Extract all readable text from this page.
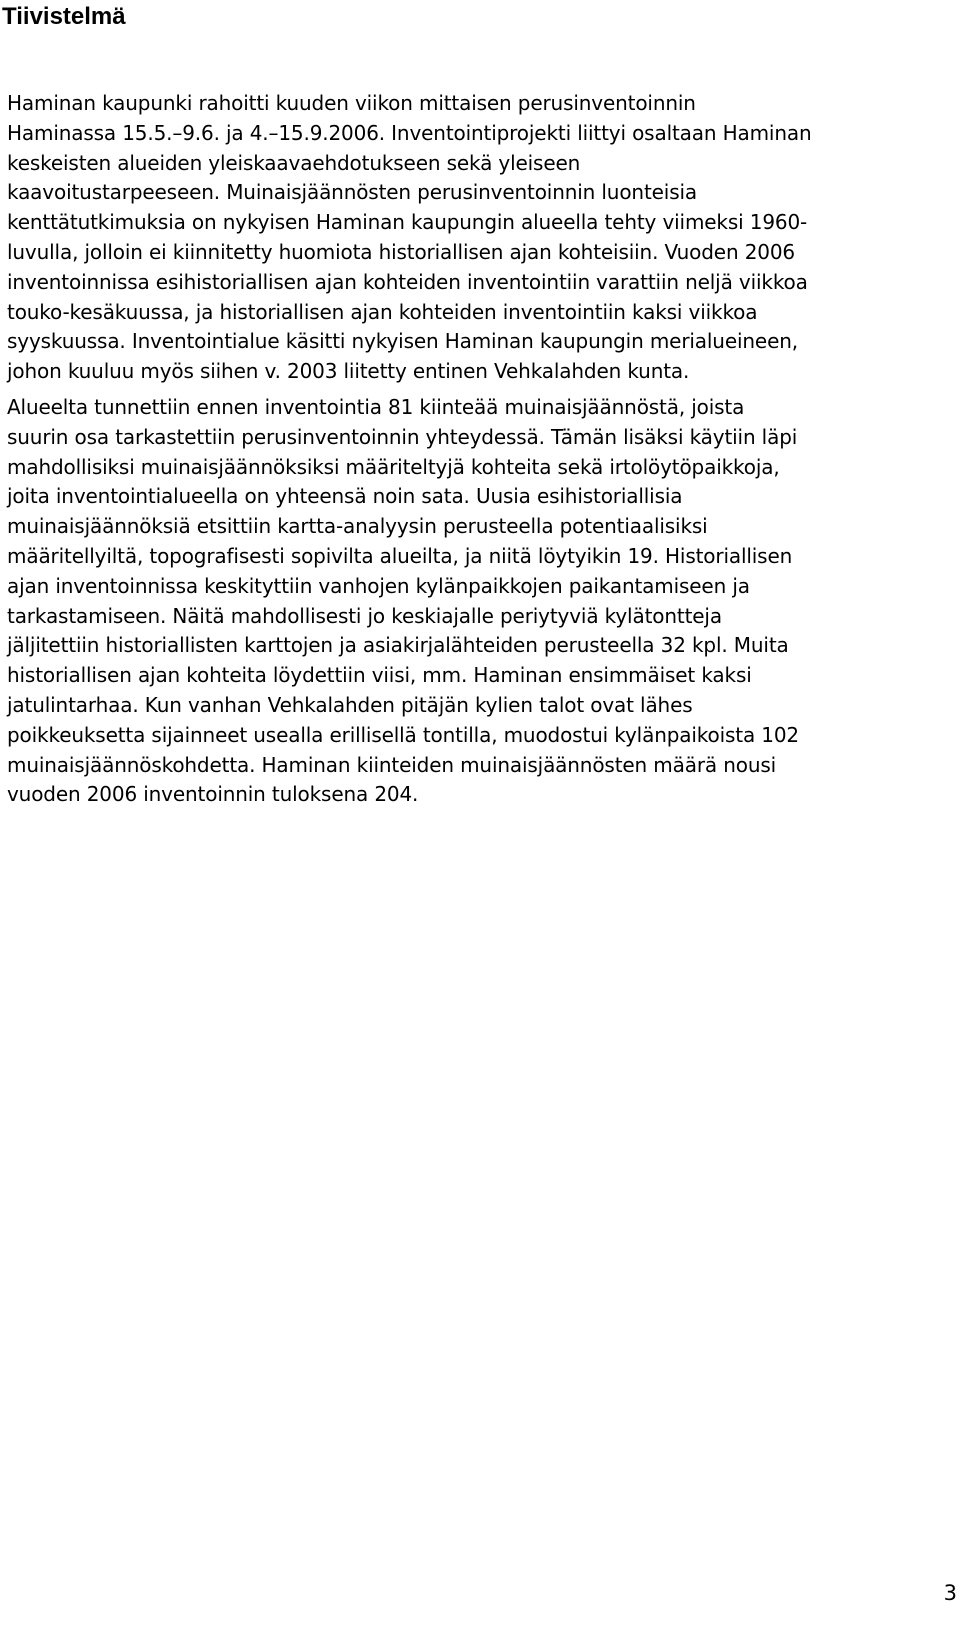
Tiivistelmä

Haminan kaupunki rahoitti kuuden viikon mittaisen perusinventoinnin
Haminassa 15.5.–9.6. ja 4.–15.9.2006. Inventointiprojekti liittyi osaltaan Haminan
keskeisten alueiden yleiskaavaehdotukseen sekä yleiseen
kaavoitustarpeeseen. Muinaisjäännösten perusinventoinnin luonteisia
kenttätutkimuksia on nykyisen Haminan kaupungin alueella tehty viimeksi 1960-
luvulla, jolloin ei kiinnitetty huomiota historiallisen ajan kohteisiin. Vuoden 2006
inventoinnissa esihistoriallisen ajan kohteiden inventointiin varattiin neljä viikkoa
touko-kesäkuussa, ja historiallisen ajan kohteiden inventointiin kaksi viikkoa
syyskuussa. Inventointialue käsitti nykyisen Haminan kaupungin merialueineen,
johon kuuluu myös siihen v. 2003 liitetty entinen Vehkalahden kunta.

Alueelta tunnettiin ennen inventointia 81 kiinteää muinaisjäännöstä, joista
suurin osa tarkastettiin perusinventoinnin yhteydessä. Tämän lisäksi käytiin läpi
mahdollisiksi muinaisjäännöksiksi määriteltyjä kohteita sekä irtolöytöpaikkoja,
joita inventointialueella on yhteensä noin sata. Uusia esihistoriallisia
muinaisjäännöksiä etsittiin kartta-analyysin perusteella potentiaalisiksi
määritellyiltä, topografisesti sopivilta alueilta, ja niitä löytyikin 19. Historiallisen
ajan inventoinnissa keskityttiin vanhojen kylänpaikkojen paikantamiseen ja
tarkastamiseen. Näitä mahdollisesti jo keskiajalle periytyviä kylätontteja
jäljitettiin historiallisten karttojen ja asiakirjalähteiden perusteella 32 kpl. Muita
historiallisen ajan kohteita löydettiin viisi, mm. Haminan ensimmäiset kaksi
jatulintarhaa. Kun vanhan Vehkalahden pitäjän kylien talot ovat lähes
poikkeuksetta sijainneet usealla erillisellä tontilla, muodostui kylänpaikoista 102
muinaisjäännöskohdetta. Haminan kiinteiden muinaisjäännösten määrä nousi
vuoden 2006 inventoinnin tuloksena 204.

3
